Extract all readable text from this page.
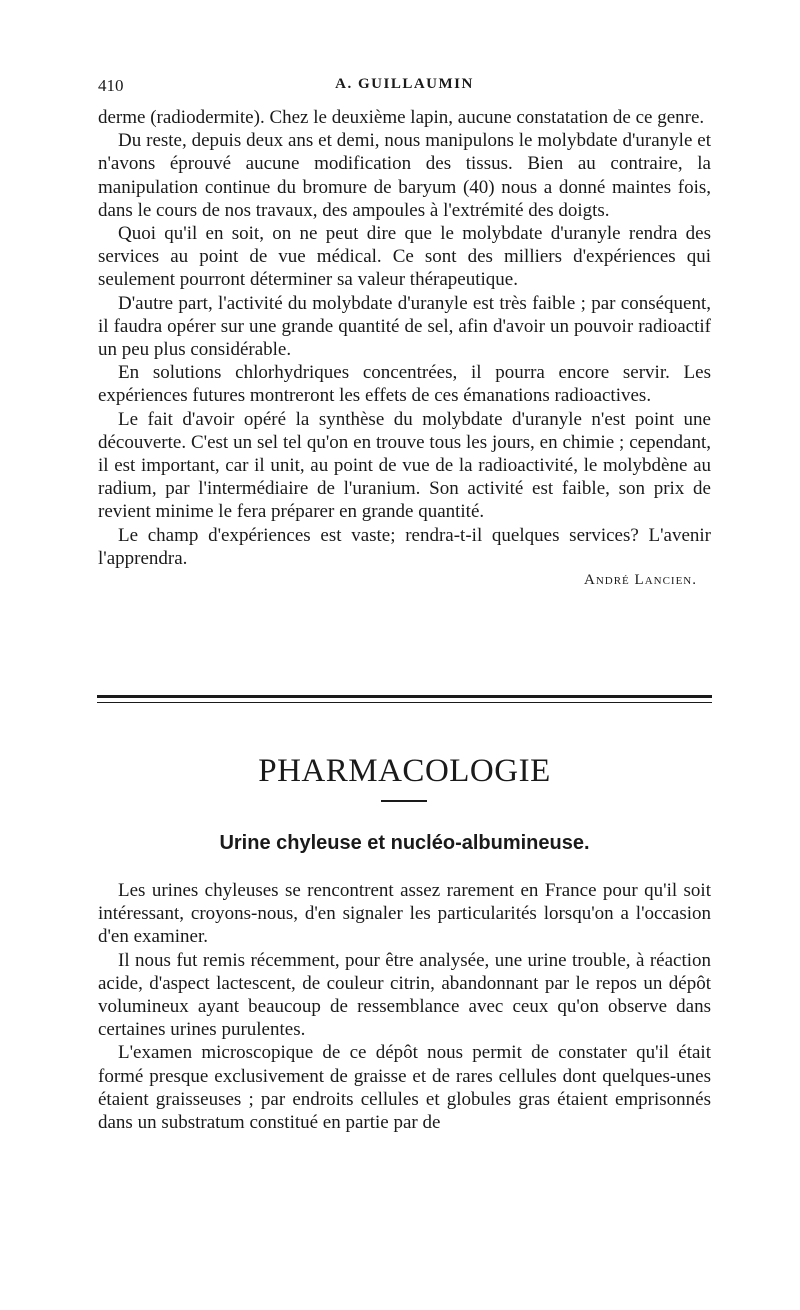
410	A. GUILLAUMIN

derme (radiodermite). Chez le deuxième lapin, aucune constatation de ce genre.

Du reste, depuis deux ans et demi, nous manipulons le molybdate d'uranyle et n'avons éprouvé aucune modification des tissus. Bien au contraire, la manipulation continue du bromure de baryum (40) nous a donné maintes fois, dans le cours de nos travaux, des ampoules à l'extrémité des doigts.

Quoi qu'il en soit, on ne peut dire que le molybdate d'uranyle rendra des services au point de vue médical. Ce sont des milliers d'expériences qui seulement pourront déterminer sa valeur thérapeutique.

D'autre part, l'activité du molybdate d'uranyle est très faible ; par conséquent, il faudra opérer sur une grande quantité de sel, afin d'avoir un pouvoir radioactif un peu plus considérable.

En solutions chlorhydriques concentrées, il pourra encore servir. Les expériences futures montreront les effets de ces émanations radioactives.

Le fait d'avoir opéré la synthèse du molybdate d'uranyle n'est point une découverte. C'est un sel tel qu'on en trouve tous les jours, en chimie ; cependant, il est important, car il unit, au point de vue de la radioactivité, le molybdène au radium, par l'intermédiaire de l'uranium. Son activité est faible, son prix de revient minime le fera préparer en grande quantité.

Le champ d'expériences est vaste; rendra-t-il quelques services? L'avenir l'apprendra.

André Lancien.
PHARMACOLOGIE
Urine chyleuse et nucléo-albumineuse.

Les urines chyleuses se rencontrent assez rarement en France pour qu'il soit intéressant, croyons-nous, d'en signaler les particularités lorsqu'on a l'occasion d'en examiner.

Il nous fut remis récemment, pour être analysée, une urine trouble, à réaction acide, d'aspect lactescent, de couleur citrin, abandonnant par le repos un dépôt volumineux ayant beaucoup de ressemblance avec ceux qu'on observe dans certaines urines purulentes.

L'examen microscopique de ce dépôt nous permit de constater qu'il était formé presque exclusivement de graisse et de rares cellules dont quelques-unes étaient graisseuses ; par endroits cellules et globules gras étaient emprisonnés dans un substratum constitué en partie par de
